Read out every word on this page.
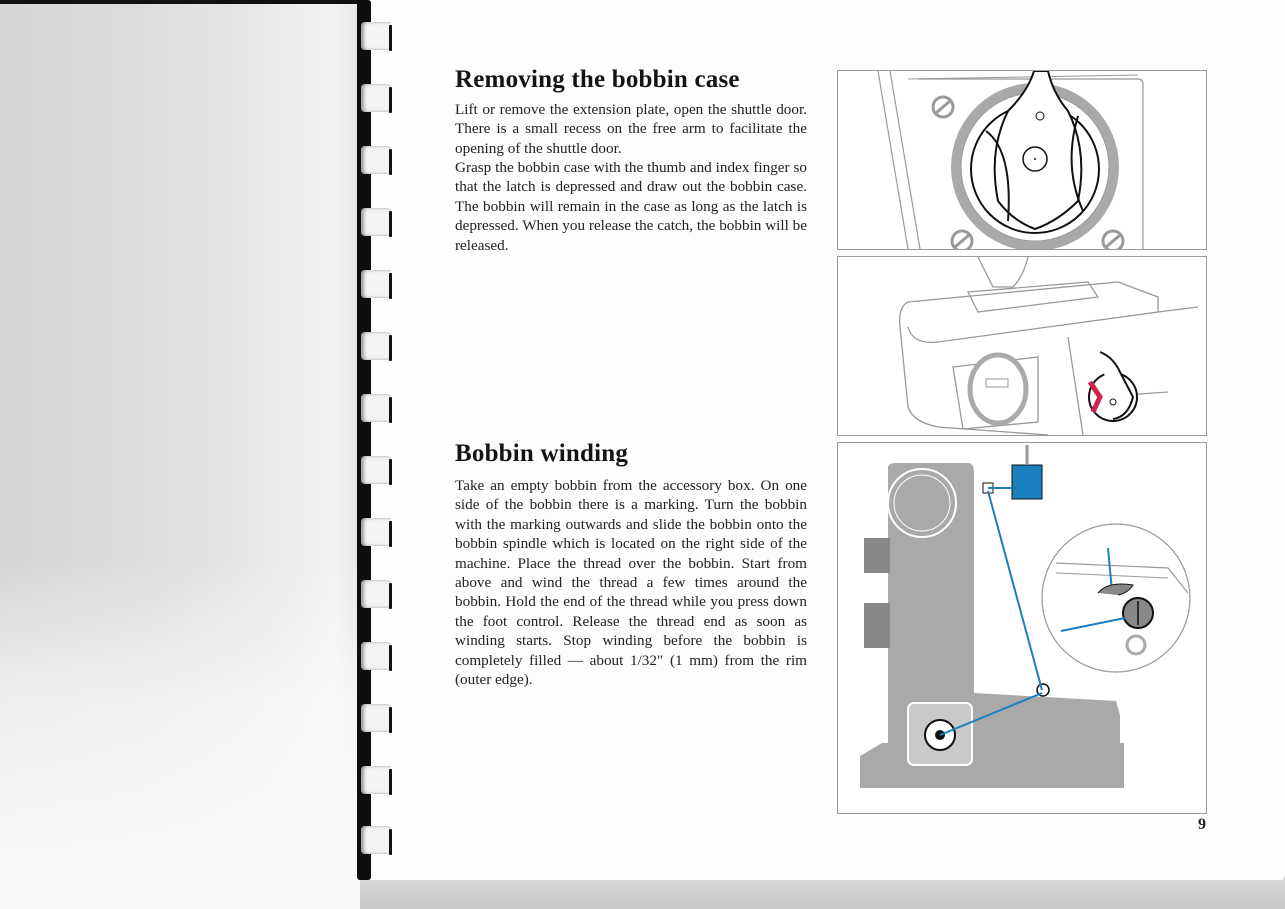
Removing the bobbin case

Lift or remove the extension plate, open the shuttle door. There is a small recess on the free arm to facilitate the opening of the shuttle door.

Grasp the bobbin case with the thumb and index finger so that the latch is depressed and draw out the bobbin case. The bobbin will remain in the case as long as the latch is depressed. When you release the catch, the bobbin will be released.

Bobbin winding

Take an empty bobbin from the accessory box. On one side of the bobbin there is a marking. Turn the bobbin with the marking outwards and slide the bobbin onto the bobbin spindle which is located on the right side of the machine. Place the thread over the bobbin. Start from above and wind the thread a few times around the bobbin. Hold the end of the thread while you press down the foot control. Release the thread end as soon as winding starts. Stop winding before the bobbin is completely filled — about 1/32″ (1 mm) from the rim (outer edge).

9
